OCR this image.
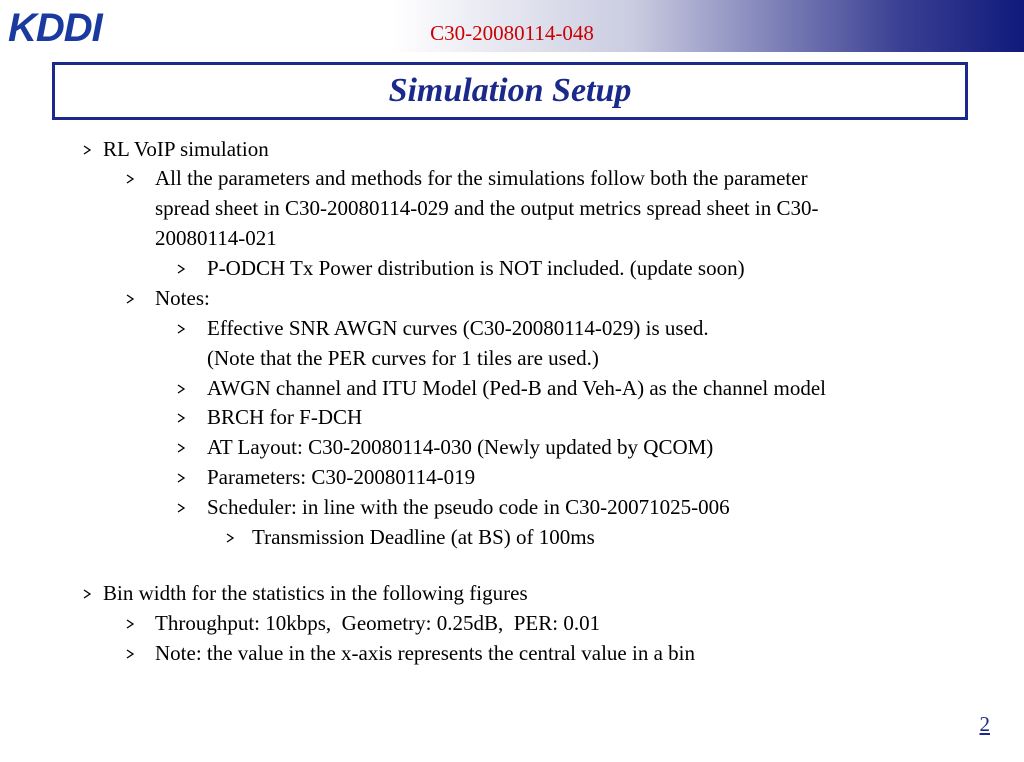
KDDI	C30-20080114-048
Simulation Setup
RL VoIP simulation
All the parameters and methods for the simulations follow both the parameter
spread sheet in C30-20080114-029 and the output metrics spread sheet in C30-
20080114-021
P-ODCH Tx Power distribution is NOT included. (update soon)
Notes:
Effective SNR AWGN curves (C30-20080114-029) is used.
(Note that the PER curves for 1 tiles are used.)
AWGN channel and ITU Model (Ped-B and Veh-A) as the channel model
BRCH for F-DCH
AT Layout: C30-20080114-030 (Newly updated by QCOM)
Parameters: C30-20080114-019
Scheduler: in line with the pseudo code in C30-20071025-006
Transmission Deadline (at BS) of 100ms
Bin width for the statistics in the following figures
Throughput: 10kbps,  Geometry: 0.25dB,  PER: 0.01
Note: the value in the x-axis represents the central value in a bin
2
